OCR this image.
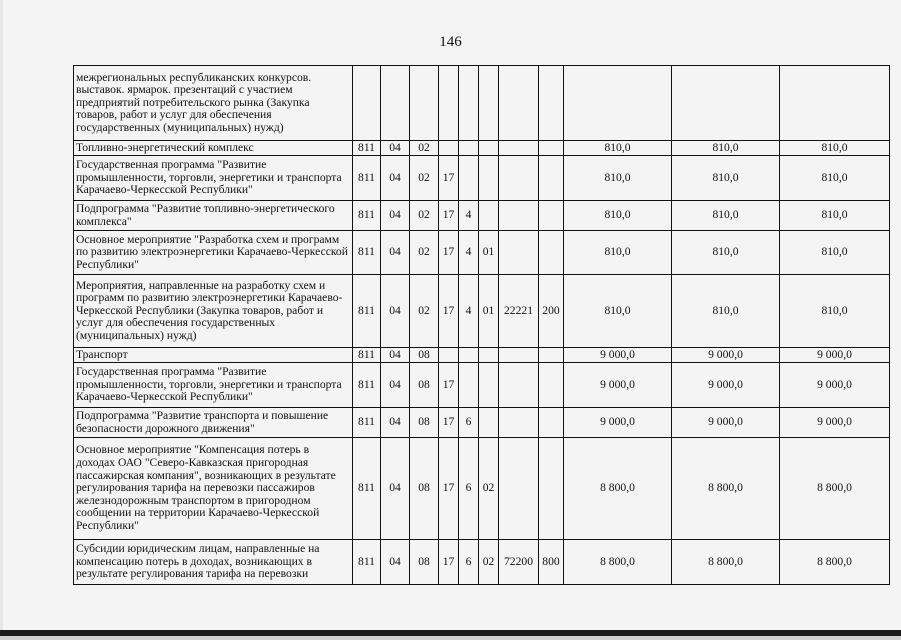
146
межрегиональных республиканских конкурсов. выставок. ярмарок. презентаций с участием предприятий потребительского рынка (Закупка товаров, работ и услуг для обеспечения государственных (муниципальных) нужд)											
Топливно-энергетический комплекс	811	04	02						810,0	810,0	810,0
Государственная программа "Развитие промышленности, торговли, энергетики и транспорта Карачаево-Черкесской Республики"	811	04	02	17					810,0	810,0	810,0
Подпрограмма "Развитие топливно-энергетического комплекса"	811	04	02	17	4				810,0	810,0	810,0
Основное мероприятие "Разработка схем и программ по развитию электроэнергетики Карачаево-Черкесской Республики"	811	04	02	17	4	01			810,0	810,0	810,0
Мероприятия, направленные на разработку схем и программ по развитию электроэнергетики Карачаево-Черкесской Республики (Закупка товаров, работ и услуг для обеспечения государственных (муниципальных) нужд)	811	04	02	17	4	01	22221	200	810,0	810,0	810,0
Транспорт	811	04	08						9 000,0	9 000,0	9 000,0
Государственная программа "Развитие промышленности, торговли, энергетики и транспорта Карачаево-Черкесской Республики"	811	04	08	17					9 000,0	9 000,0	9 000,0
Подпрограмма "Развитие транспорта и повышение безопасности дорожного движения"	811	04	08	17	6				9 000,0	9 000,0	9 000,0
Основное мероприятие "Компенсация потерь в доходах ОАО "Северо-Кавказская пригородная пассажирская компания", возникающих в результате регулирования тарифа на перевозки пассажиров железнодорожным транспортом в пригородном сообщении на территории Карачаево-Черкесской Республики"	811	04	08	17	6	02			8 800,0	8 800,0	8 800,0
Субсидии юридическим лицам, направленные на компенсацию потерь в доходах, возникающих в результате регулирования тарифа на перевозки	811	04	08	17	6	02	72200	800	8 800,0	8 800,0	8 800,0
